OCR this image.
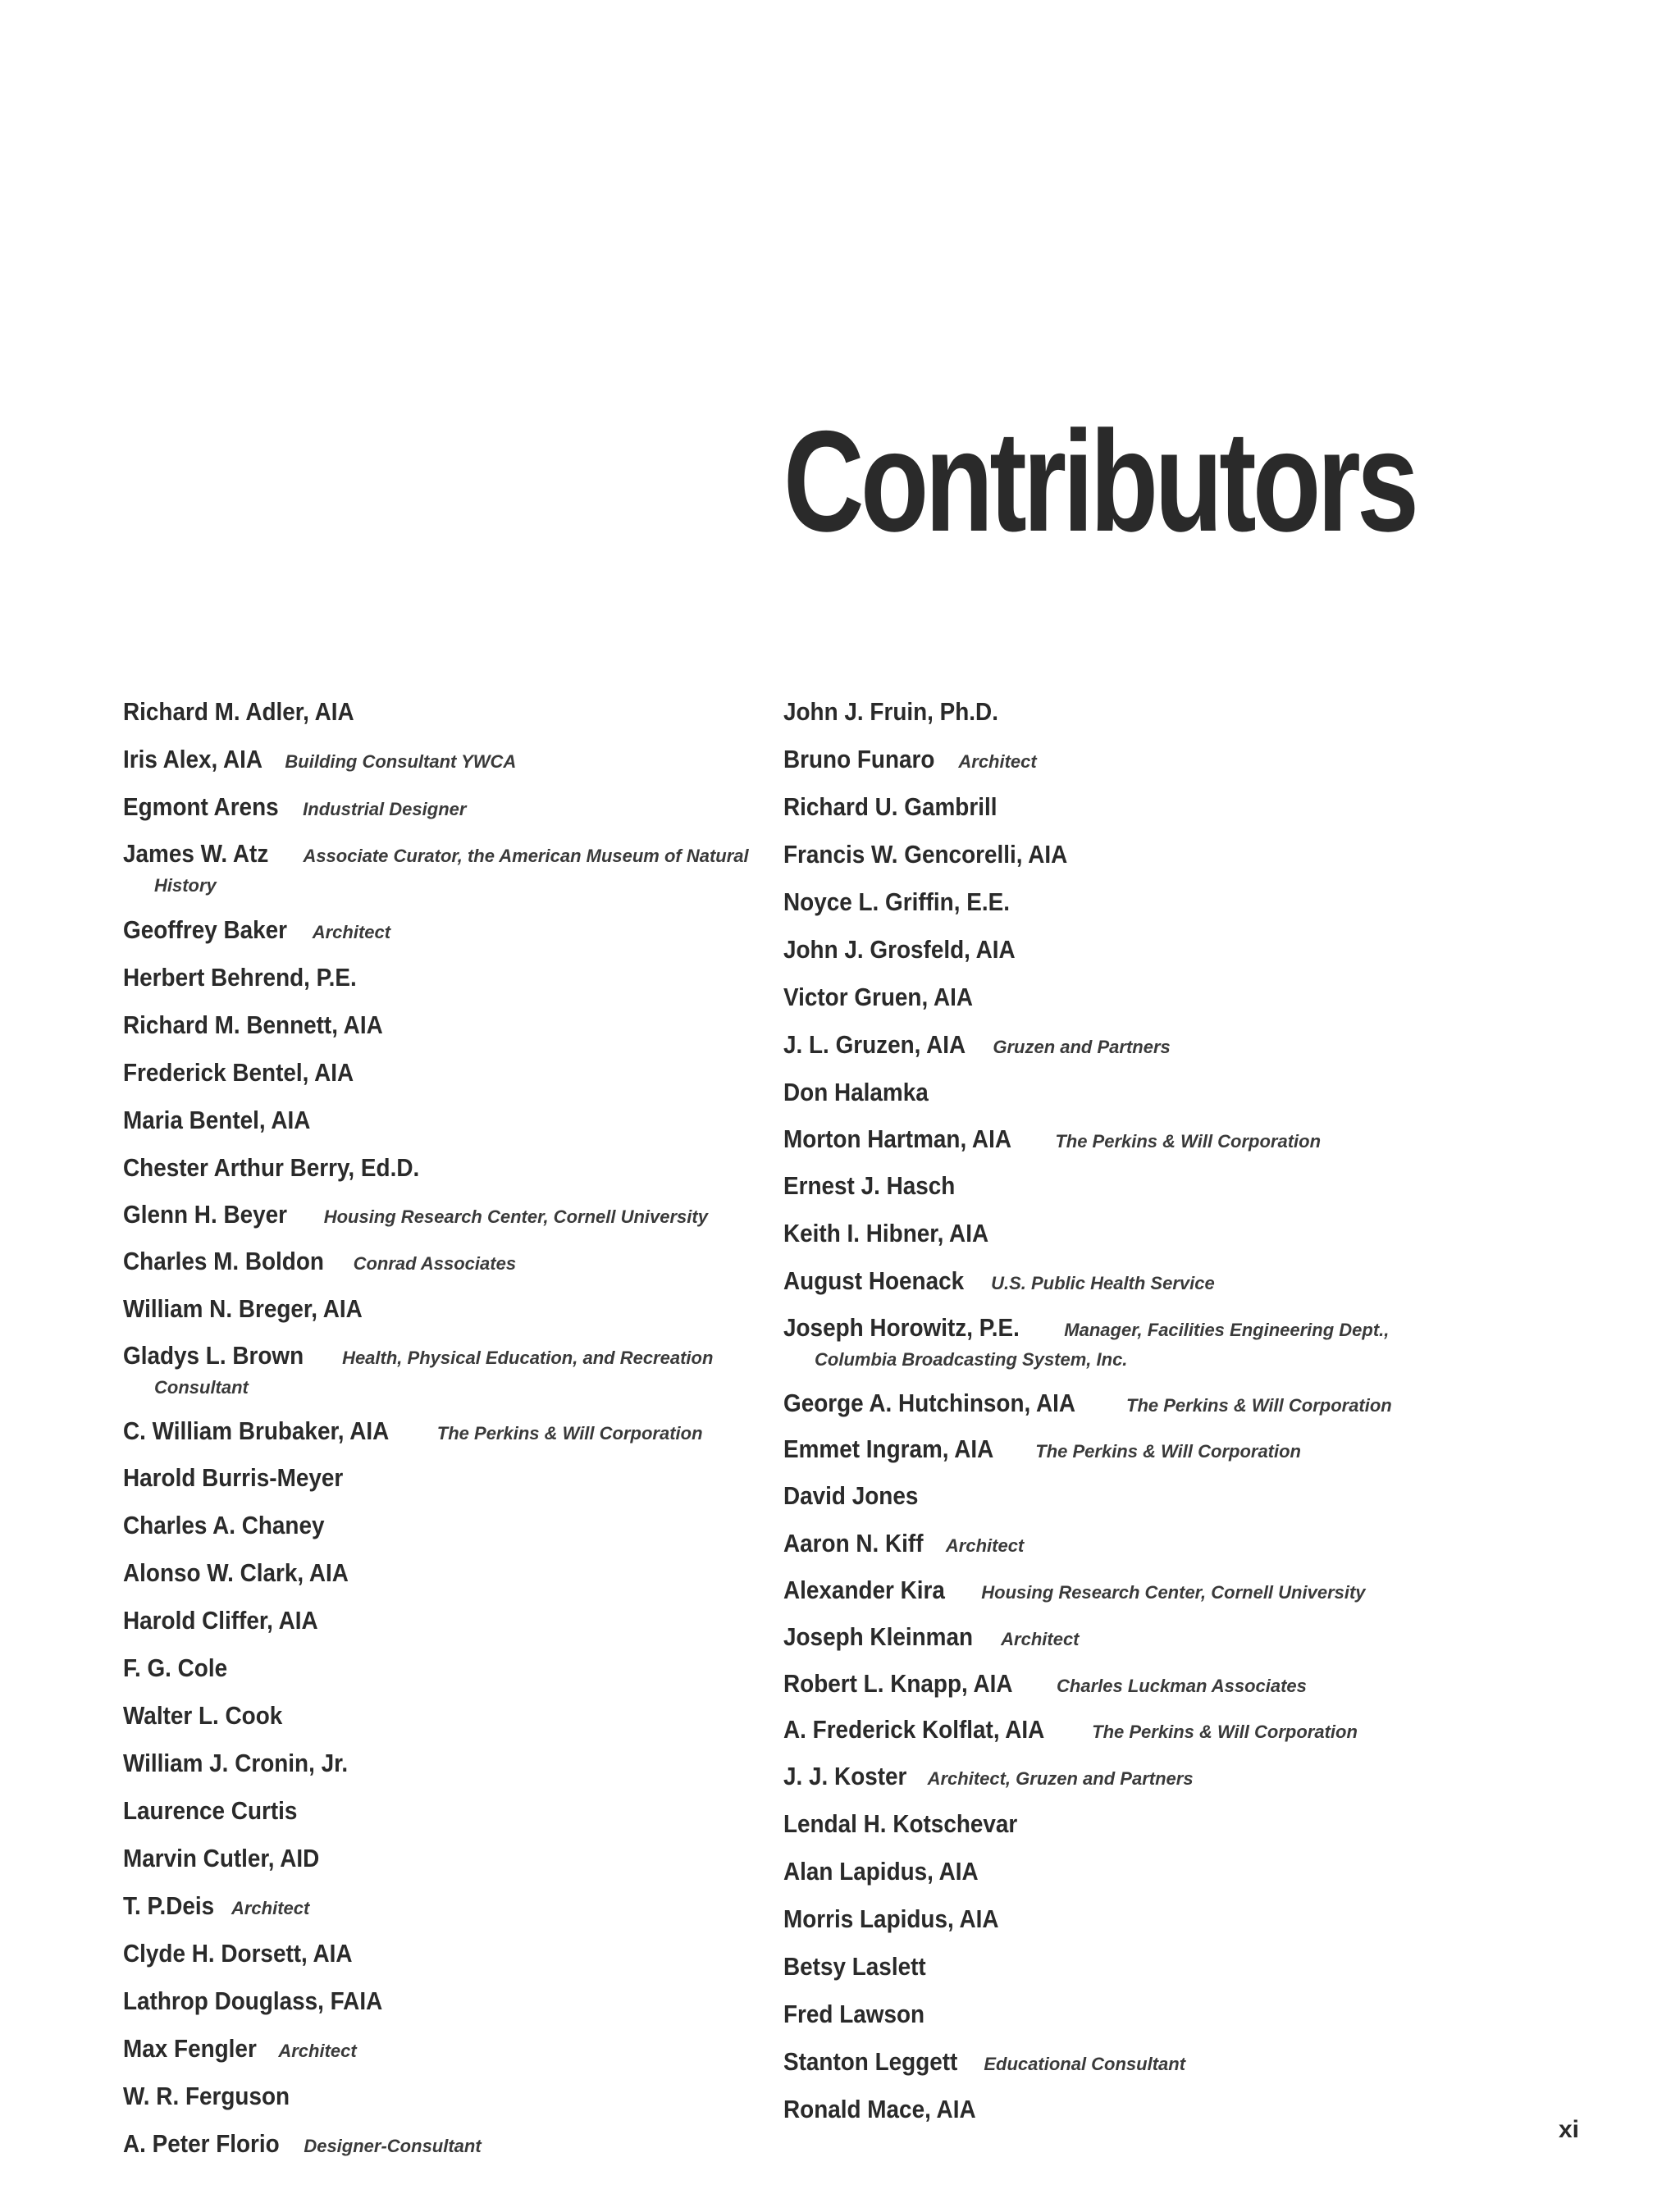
Contributors
Richard M. Adler, AIA
Iris Alex, AIA Building Consultant YWCA
Egmont Arens Industrial Designer
James W. Atz Associate Curator, the American Museum of Natural History
Geoffrey Baker Architect
Herbert Behrend, P.E.
Richard M. Bennett, AIA
Frederick Bentel, AIA
Maria Bentel, AIA
Chester Arthur Berry, Ed.D.
Glenn H. Beyer Housing Research Center, Cornell University
Charles M. Boldon Conrad Associates
William N. Breger, AIA
Gladys L. Brown Health, Physical Education, and Recreation Consultant
C. William Brubaker, AIA	The Perkins & Will Corporation
Harold Burris-Meyer
Charles A. Chaney
Alonso W. Clark, AIA
Harold Cliffer, AIA
F. G. Cole
Walter L. Cook
William J. Cronin, Jr.
Laurence Curtis
Marvin Cutler, AID
T. P.Deis Architect
Clyde H. Dorsett, AIA
Lathrop Douglass, FAIA
Max Fengler Architect
W. R. Ferguson
A. Peter Florio Designer-Consultant
John J. Fruin, Ph.D.
Bruno Funaro Architect
Richard U. Gambrill
Francis W. Gencorelli, AIA
Noyce L. Griffin, E.E.
John J. Grosfeld, AIA
Victor Gruen, AIA
J. L. Gruzen, AIA Gruzen and Partners
Don Halamka
Morton Hartman, AIA The Perkins & Will Corporation
Ernest J. Hasch
Keith I. Hibner, AIA
August Hoenack U.S. Public Health Service
Joseph Horowitz, P.E. Manager, Facilities Engineering Dept., Columbia Broadcasting System, Inc.
George A. Hutchinson, AIA	The Perkins & Will Corporation
Emmet Ingram, AIA The Perkins & Will Corporation
David Jones
Aaron N. Kiff Architect
Alexander Kira Housing Research Center, Cornell University
Joseph Kleinman Architect
Robert L. Knapp, AIA Charles Luckman Associates
A. Frederick Kolflat, AIA	The Perkins & Will Corporation
J. J. Koster Architect, Gruzen and Partners
Lendal H. Kotschevar
Alan Lapidus, AIA
Morris Lapidus, AIA
Betsy Laslett
Fred Lawson
Stanton Leggett Educational Consultant
Ronald Mace, AIA
xi
